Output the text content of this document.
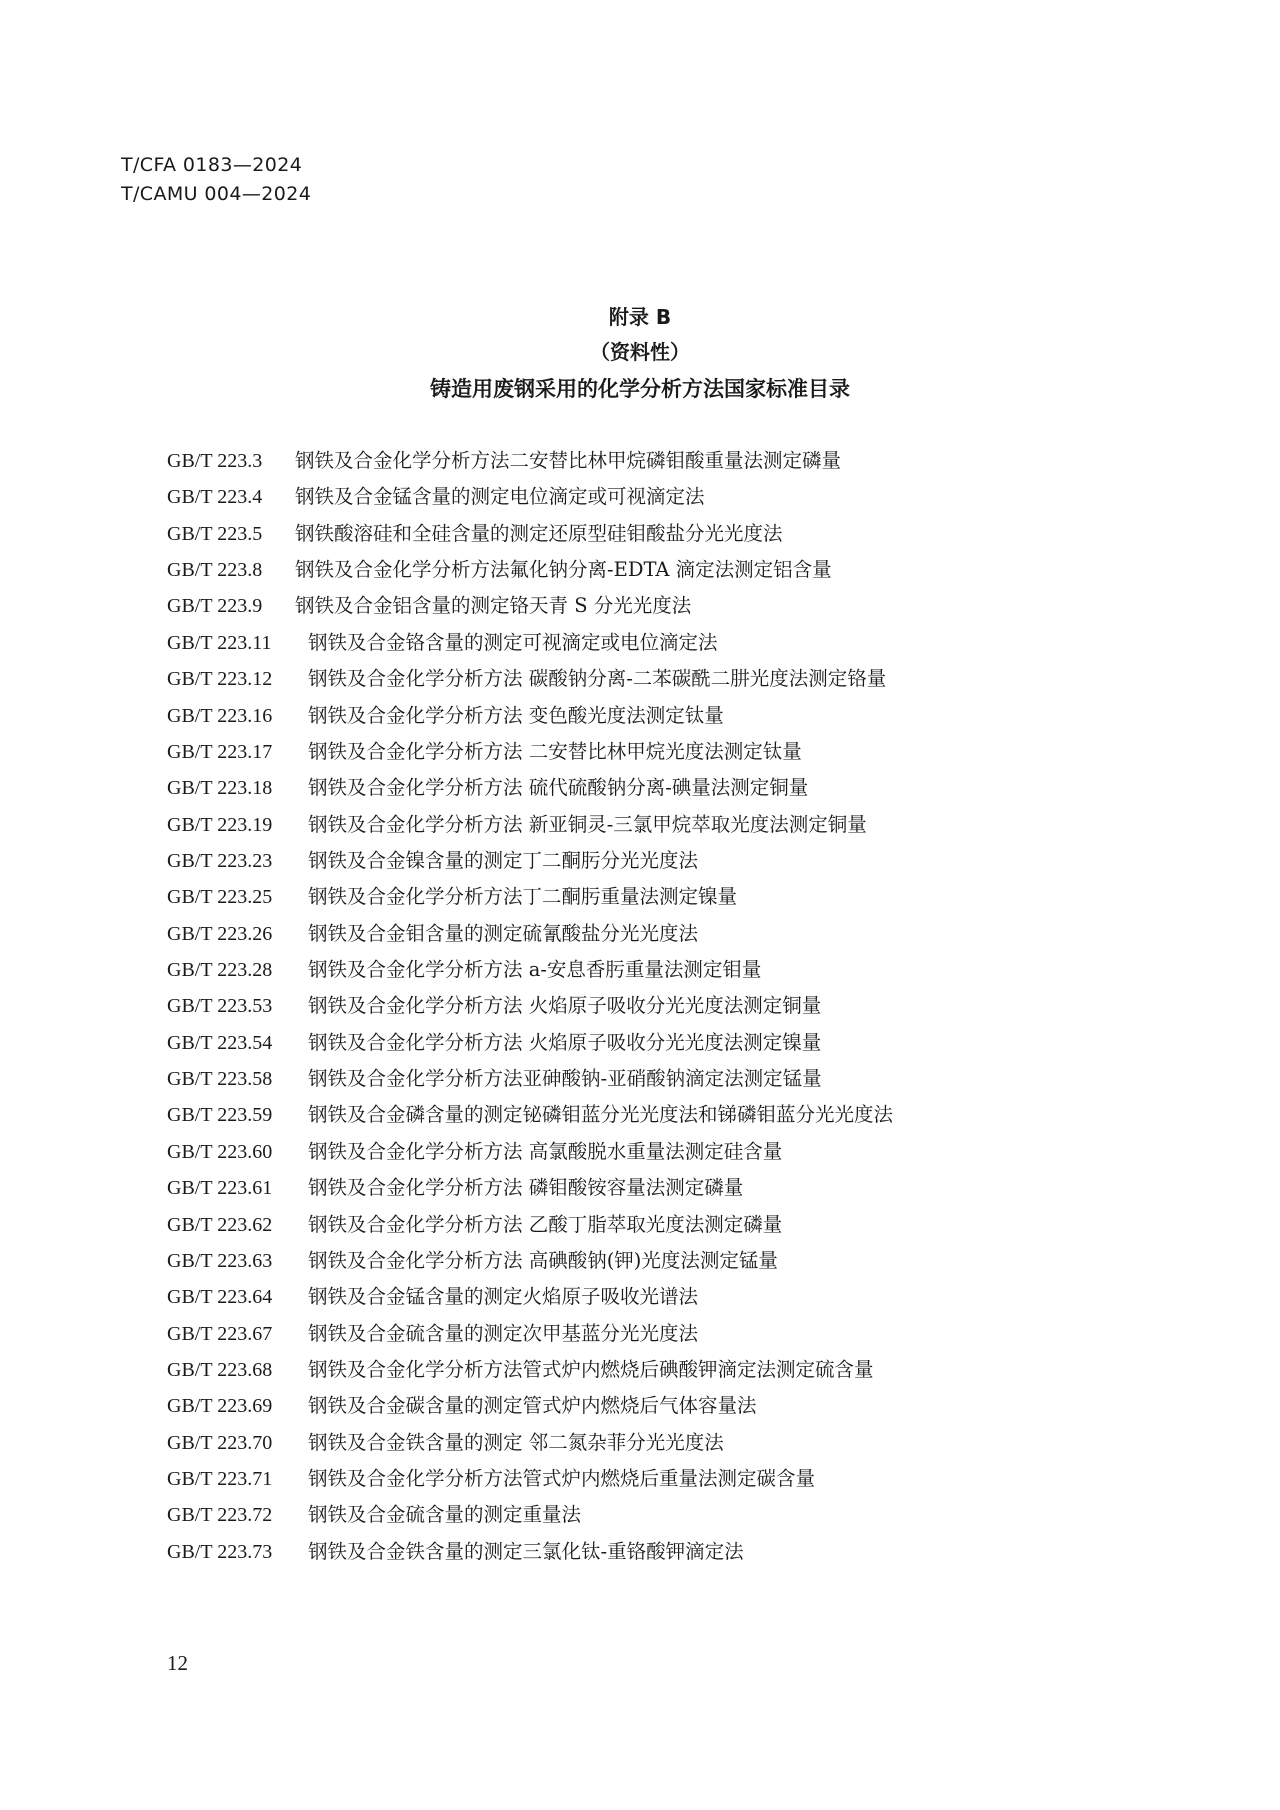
T/CFA 0183—2024
T/CAMU 004—2024
附录 B
（资料性）
铸造用废钢采用的化学分析方法国家标准目录
GB/T 223.3 钢铁及合金化学分析方法二安替比林甲烷磷钼酸重量法测定磷量
GB/T 223.4 钢铁及合金锰含量的测定电位滴定或可视滴定法
GB/T 223.5 钢铁酸溶硅和全硅含量的测定还原型硅钼酸盐分光光度法
GB/T 223.8 钢铁及合金化学分析方法氟化钠分离-EDTA 滴定法测定铝含量
GB/T 223.9 钢铁及合金铝含量的测定铬天青 S 分光光度法
GB/T 223.11 钢铁及合金铬含量的测定可视滴定或电位滴定法
GB/T 223.12 钢铁及合金化学分析方法 碳酸钠分离-二苯碳酰二肼光度法测定铬量
GB/T 223.16 钢铁及合金化学分析方法 变色酸光度法测定钛量
GB/T 223.17 钢铁及合金化学分析方法 二安替比林甲烷光度法测定钛量
GB/T 223.18 钢铁及合金化学分析方法 硫代硫酸钠分离-碘量法测定铜量
GB/T 223.19 钢铁及合金化学分析方法 新亚铜灵-三氯甲烷萃取光度法测定铜量
GB/T 223.23 钢铁及合金镍含量的测定丁二酮肟分光光度法
GB/T 223.25 钢铁及合金化学分析方法丁二酮肟重量法测定镍量
GB/T 223.26 钢铁及合金钼含量的测定硫氰酸盐分光光度法
GB/T 223.28 钢铁及合金化学分析方法 a-安息香肟重量法测定钼量
GB/T 223.53 钢铁及合金化学分析方法 火焰原子吸收分光光度法测定铜量
GB/T 223.54 钢铁及合金化学分析方法 火焰原子吸收分光光度法测定镍量
GB/T 223.58 钢铁及合金化学分析方法亚砷酸钠-亚硝酸钠滴定法测定锰量
GB/T 223.59 钢铁及合金磷含量的测定铋磷钼蓝分光光度法和锑磷钼蓝分光光度法
GB/T 223.60 钢铁及合金化学分析方法 高氯酸脱水重量法测定硅含量
GB/T 223.61 钢铁及合金化学分析方法 磷钼酸铵容量法测定磷量
GB/T 223.62 钢铁及合金化学分析方法 乙酸丁脂萃取光度法测定磷量
GB/T 223.63 钢铁及合金化学分析方法 高碘酸钠(钾)光度法测定锰量
GB/T 223.64 钢铁及合金锰含量的测定火焰原子吸收光谱法
GB/T 223.67 钢铁及合金硫含量的测定次甲基蓝分光光度法
GB/T 223.68 钢铁及合金化学分析方法管式炉内燃烧后碘酸钾滴定法测定硫含量
GB/T 223.69 钢铁及合金碳含量的测定管式炉内燃烧后气体容量法
GB/T 223.70 钢铁及合金铁含量的测定 邻二氮杂菲分光光度法
GB/T 223.71 钢铁及合金化学分析方法管式炉内燃烧后重量法测定碳含量
GB/T 223.72 钢铁及合金硫含量的测定重量法
GB/T 223.73 钢铁及合金铁含量的测定三氯化钛-重铬酸钾滴定法
12
